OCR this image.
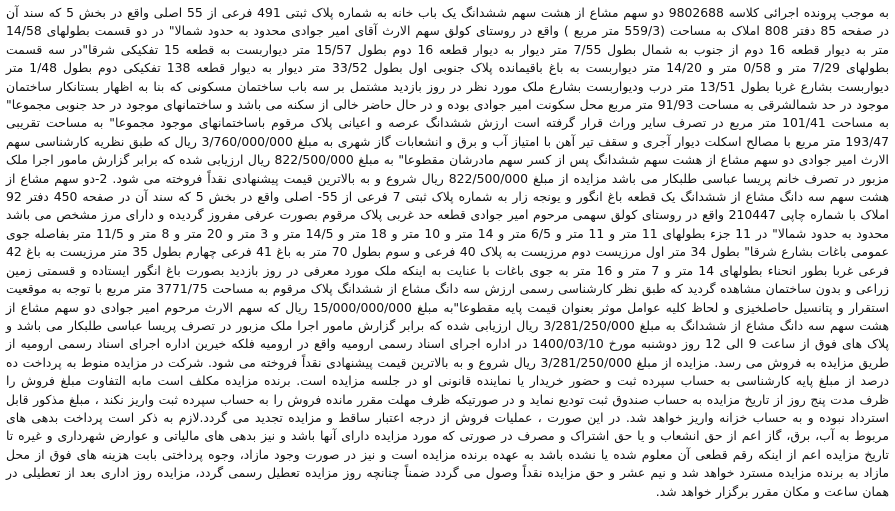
به موجب پرونده اجرائی کلاسه 9802688 دو سهم مشاع از هشت سهم ششدانگ یک باب خانه به شماره پلاک ثبتی 491 فرعی از 55 اصلی واقع در بخش 5 که سند آن در صفحه 85 دفتر 808 املاک به مساحت (559/3 متر مربع ) واقع در روستای کولق سهم الارث آقای امیر جوادی محدود به حدود شمالا" در دو قسمت بطولهای 14/58 متر به دیوار قطعه 16 دوم از جنوب به شمال بطول 7/55 متر دیوار به دیوار قطعه 16 دوم بطول 15/57 متر دیواربست به قطعه 15 تفکیکی شرقا"در سه قسمت بطولهای 7/29 متر و 0/58 متر و 14/20 متر دیواربست به باغ باقیمانده پلاک جنوبی اول بطول 33/52 متر دیوار به دیوار قطعه 138 تفکیکی دوم بطول 1/48 متر دیواربست بشارع غربا بطول 13/51 متر درب ودیواربست بشارع ملک مورد نظر در روز بازدید مشتمل بر سه باب ساختمان مسکونی که بنا به اظهار بستانکار ساختمان موجود در حد شمالشرقی به مساحت 91/93 متر مربع محل سکونت امیر جوادی بوده و در حال حاضر خالی از سکنه می باشد و ساختمانهای موجود در حد جنوبی مجموعا" به مساحت 101/41 متر مربع در تصرف سایر وراث قرار گرفته است ارزش ششدانگ عرصه و اعیانی پلاک مرقوم باساختمانهای موجود مجموعا" به مساحت تقریبی 193/47 متر مربع با مصالح اسکلت دیوار آجری و سقف تیر آهن با امتیاز آب و برق و انشعابات گاز شهری به مبلغ 3/760/000/000 ریال که طبق نظریه کارشناسی سهم الارث امیر جوادی دو سهم مشاع از هشت سهم ششدانگ پس از کسر سهم مادرشان مقطوعا" به مبلغ 822/500/000 ریال ارزیابی شده که برابر گزارش مامور اجرا ملک مزبور در تصرف خانم پریسا عباسی طلبکار می باشد مزایده از مبلغ 822/500/000 ریال شروع و به بالاترین قیمت پیشنهادی نقداً فروخته می شود. 2-دو سهم مشاع از هشت سهم سه دانگ مشاع از ششدانگ یک قطعه باغ انگور و یونجه زار به شماره پلاک ثبتی 7 فرعی از 55- اصلی واقع در بخش 5 که سند آن در صفحه 450 دفتر 92 املاک با شماره چاپی 210447 واقع در روستای کولق سهمی مرحوم امیر جوادی قطعه حد غربی پلاک مرقوم بصورت عرفی مفروز گردیده و دارای مرز مشخص می باشد محدود به حدود شمالا" در 11 جزء بطولهای 11 متر و 11 متر و 6/5 متر و 14 متر و 10 متر و 18 متر و 14/5 متر و 3 متر و 20 متر و 8 متر و 11/5 متر بفاصله جوی عمومی باغات بشارع شرقا" بطول 34 متر اول مرزیست دوم مرزیست به پلاک 40 فرعی و سوم بطول 70 متر به باغ 41 فرعی چهارم بطول 35 متر مرزیست به باغ 42 فرعی غربا بطور انحناء بطولهای 14 متر و 7 متر و 16 متر به جوی باغات با عنایت به اینکه ملک مورد معرفی در روز بازدید بصورت باغ انگور ایستاده و قسمتی زمین زراعی و بدون ساختمان مشاهده گردید که طبق نظر کارشناسی رسمی ارزش سه دانگ مشاع از ششدانگ پلاک مرقوم به مساحت 3771/75 متر مربع با توجه به موقعیت استقرار و پتانسیل حاصلخیزی و لحاظ کلیه عوامل موثر بعنوان قیمت پایه مقطوعا"به مبلغ 15/000/000/000 ریال که سهم الارث مرحوم امیر جوادی دو سهم مشاع از هشت سهم سه دانگ مشاع از ششدانگ به مبلغ 3/281/250/000 ریال ارزیابی شده که برابر گزارش مامور اجرا ملک مزبور در تصرف پریسا عباسی طلبکار می باشد و پلاک های فوق از ساعت 9 الی 12 روز دوشنبه مورخ 1400/03/10 در اداره اجرای اسناد رسمی ارومیه واقع در ارومیه فلکه خیرین اداره اجرای اسناد رسمی ارومیه از طریق مزایده به فروش می رسد. مزایده از مبلغ 3/281/250/000 ریال شروع و به بالاترین قیمت پیشنهادی نقداً فروخته می شود. شرکت در مزایده منوط به پرداخت ده درصد از مبلغ پایه کارشناسی به حساب سپرده ثبت و حضور خریدار یا نماینده قانونی او در جلسه مزایده است. برنده مزایده مکلف است مابه التفاوت مبلغ فروش را ظرف مدت پنج روز از تاریخ مزایده به حساب صندوق ثبت تودیع نماید و در صورتیکه ظرف مهلت مقرر مانده فروش را به حساب سپرده ثبت واریز نکند ، مبلغ مذکور قابل استرداد نبوده و به حساب خزانه واریز خواهد شد. در این صورت ، عملیات فروش از درجه اعتبار ساقط و مزایده تجدید می گردد.لازم به ذکر است پرداخت بدهی های مربوط به آب، برق، گاز اعم از حق انشعاب و یا حق اشتراک و مصرف در صورتی که مورد مزایده دارای آنها باشد و نیز بدهی های مالیاتی و عوارض شهرداری و غیره تا تاریخ مزایده اعم از اینکه رقم قطعی آن معلوم شده یا نشده باشد به عهده برنده مزایده است و نیز در صورت وجود مازاد، وجوه پرداختی بابت هزینه های فوق از محل مازاد به برنده مزایده مسترد خواهد شد و نیم عشر و حق مزایده نقداً وصول می گردد ضمناً چنانچه روز مزایده تعطیل رسمی گردد، مزایده روز اداری بعد از تعطیلی در همان ساعت و مکان مقرر برگزار خواهد شد.
